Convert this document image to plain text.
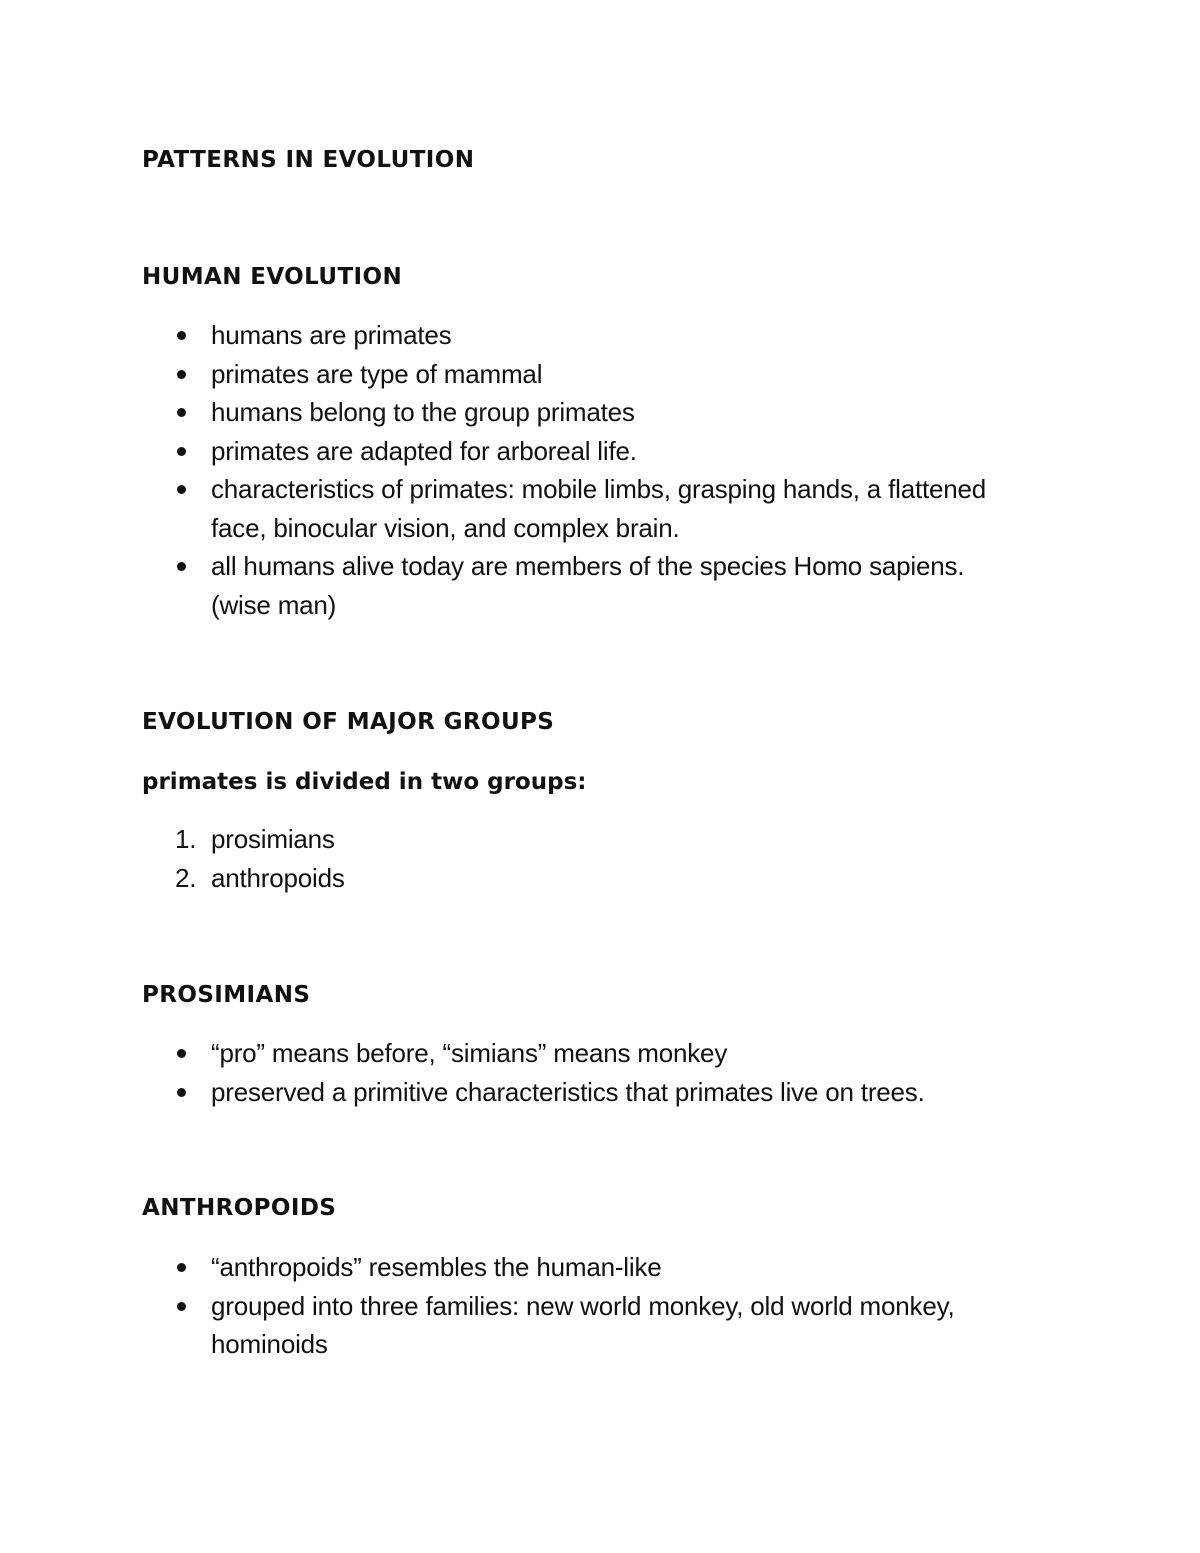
PATTERNS IN EVOLUTION
HUMAN EVOLUTION
humans are primates
primates are type of mammal
humans belong to the group primates
primates are adapted for arboreal life.
characteristics of primates: mobile limbs, grasping hands, a flattened face, binocular vision, and complex brain.
all humans alive today are members of the species Homo sapiens. (wise man)
EVOLUTION OF MAJOR GROUPS

primates is divided in two groups:

1. prosimians
2. anthropoids
PROSIMIANS
“pro” means before, “simians” means monkey
preserved a primitive characteristics that primates live on trees.
ANTHROPOIDS
“anthropoids” resembles the human-like
grouped into three families: new world monkey, old world monkey, hominoids
